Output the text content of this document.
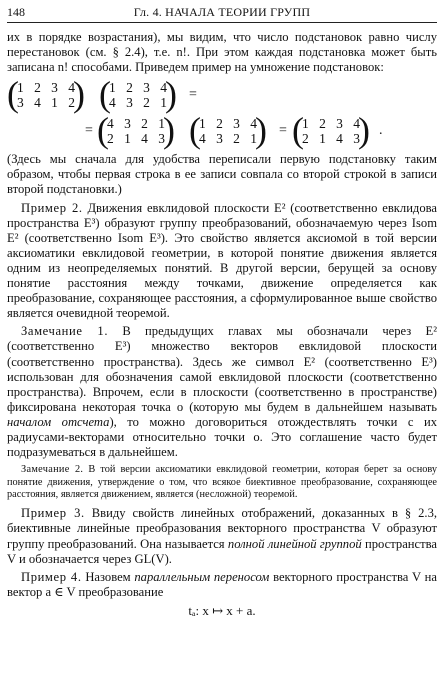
148	Гл. 4. НАЧАЛА ТЕОРИИ ГРУПП

их в порядке возрастания), мы видим, что число подстановок равно числу перестановок (см. § 2.4), т.е. n!. При этом каждая подстановка может быть записана n! способами. Приведем пример на умножение подстановок:

(
1 2 3 4
3 4 1 2
) (
1 2 3 4
4 3 2 1
) =
= (
4 3 2 1
2 1 4 3
) (
1 2 3 4
4 3 2 1
) = (
1 2 3 4
2 1 4 3
) .

(Здесь мы сначала для удобства переписали первую подстановку таким образом, чтобы первая строка в ее записи совпала со второй строкой в записи второй подстановки.)

Пример 2. Движения евклидовой плоскости E² (соответственно евклидова пространства E³) образуют группу преобразований, обозначаемую через Isom E² (соответственно Isom E³). Это свойство является аксиомой в той версии аксиоматики евклидовой геометрии, в которой понятие движения является одним из неопределяемых понятий. В другой версии, берущей за основу понятие расстояния между точками, движение определяется как преобразование, сохраняющее расстояния, а сформулированное выше свойство является очевидной теоремой.

Замечание 1. В предыдущих главах мы обозначали через E² (соответственно E³) множество векторов евклидовой плоскости (соответственно пространства). Здесь же символ E² (соответственно E³) использован для обозначения самой евклидовой плоскости (соответственно пространства). Впрочем, если в плоскости (соответственно в пространстве) фиксирована некоторая точка o (которую мы будем в дальнейшем называть началом отсчета), то можно договориться отождествлять точки с их радиусами-векторами относительно точки o. Это соглашение часто будет подразумеваться в дальнейшем.

Замечание 2. В той версии аксиоматики евклидовой геометрии, которая берет за основу понятие движения, утверждение о том, что всякое биективное преобразование, сохраняющее расстояния, является движением, является (несложной) теоремой.

Пример 3. Ввиду свойств линейных отображений, доказанных в § 2.3, биективные линейные преобразования векторного пространства V образуют группу преобразований. Она называется полной линейной группой пространства V и обозначается через GL(V).

Пример 4. Назовем параллельным переносом векторного пространства V на вектор a ∈ V преобразование

tₐ: x ↦ x + a.
